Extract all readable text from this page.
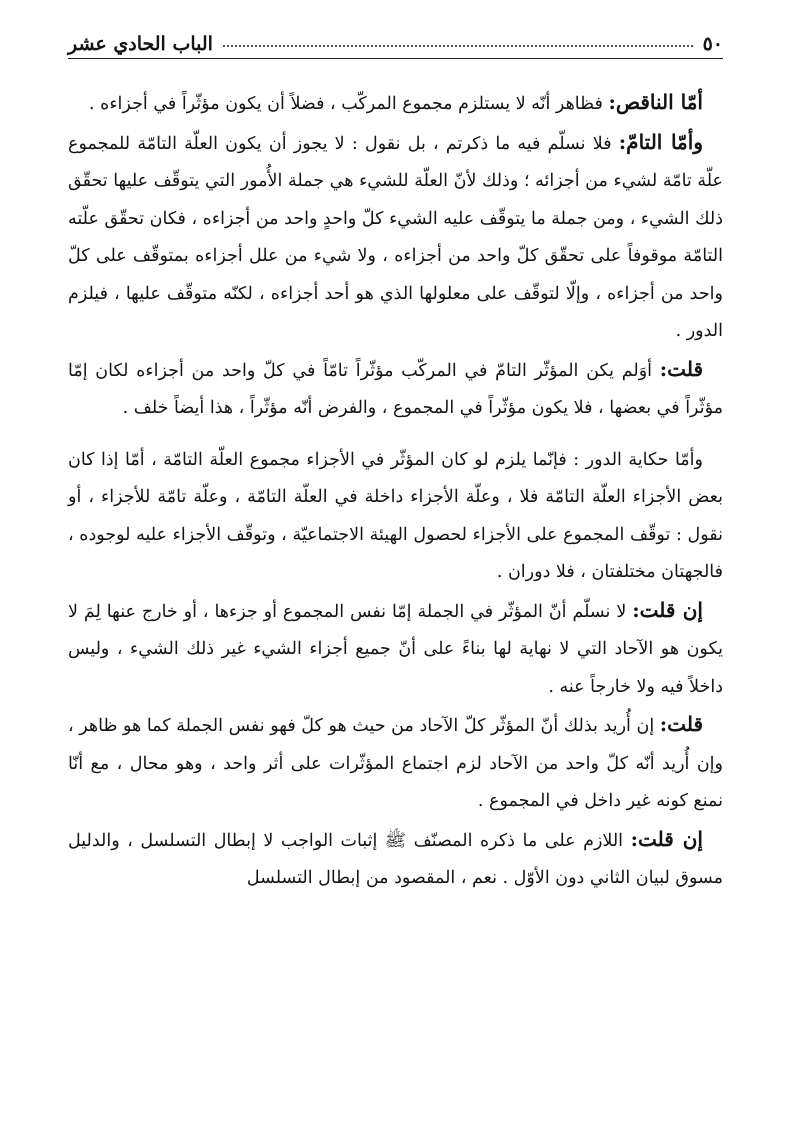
٥٠
الباب الحادي عشر

أمّا الناقص: فظاهر أنّه لا يستلزم مجموع المركّب ، فضلاً أن يكون مؤثّراً في أجزاءه .

وأمّا التامّ: فلا نسلّم فيه ما ذكرتم ، بل نقول : لا يجوز أن يكون العلّة التامّة للمجموع علّة تامّة لشيء من أجزائه ؛ وذلك لأنّ العلّة للشيء هي جملة الأُمور التي يتوقّف عليها تحقّق ذلك الشيء ، ومن جملة ما يتوقّف عليه الشيء كلّ واحدٍ واحد من أجزاءه ، فكان تحقّق علّته التامّة موقوفاً على تحقّق كلّ واحد من أجزاءه ، ولا شيء من علل أجزاءه بمتوقّف على كلّ واحد من أجزاءه ، وإلّا لتوقّف على معلولها الذي هو أحد أجزاءه ، لكنّه متوقّف عليها ، فيلزم الدور .

قلت: أوَلم يكن المؤثّر التامّ في المركّب مؤثّراً تامّاً في كلّ واحد من أجزاءه لكان إمّا مؤثّراً في بعضها ، فلا يكون مؤثّراً في المجموع ، والفرض أنّه مؤثّراً ، هذا أيضاً خلف .

وأمّا حكاية الدور : فإنّما يلزم لو كان المؤثّر في الأجزاء مجموع العلّة التامّة ، أمّا إذا كان بعض الأجزاء العلّة التامّة فلا ، وعلّة الأجزاء داخلة في العلّة التامّة ، وعلّة تامّة للأجزاء ، أو نقول : توقّف المجموع على الأجزاء لحصول الهيئة الاجتماعيّة ، وتوقّف الأجزاء عليه لوجوده ، فالجهتان مختلفتان ، فلا دوران .

إن قلت: لا نسلّم أنّ المؤثّر في الجملة إمّا نفس المجموع أو جزءها ، أو خارج عنها لِمَ لا يكون هو الآحاد التي لا نهاية لها بناءً على أنّ جميع أجزاء الشيء غير ذلك الشيء ، وليس داخلاً فيه ولا خارجاً عنه .

قلت: إن أُريد بذلك أنّ المؤثّر كلّ الآحاد من حيث هو كلّ فهو نفس الجملة كما هو ظاهر ، وإن أُريد أنّه كلّ واحد من الآحاد لزم اجتماع المؤثّرات على أثر واحد ، وهو محال ، مع أنّا نمنع كونه غير داخل في المجموع .

إن قلت: اللازم على ما ذكره المصنّف ﷺ إثبات الواجب لا إبطال التسلسل ، والدليل مسوق لبيان الثاني دون الأوّل . نعم ، المقصود من إبطال التسلسل
